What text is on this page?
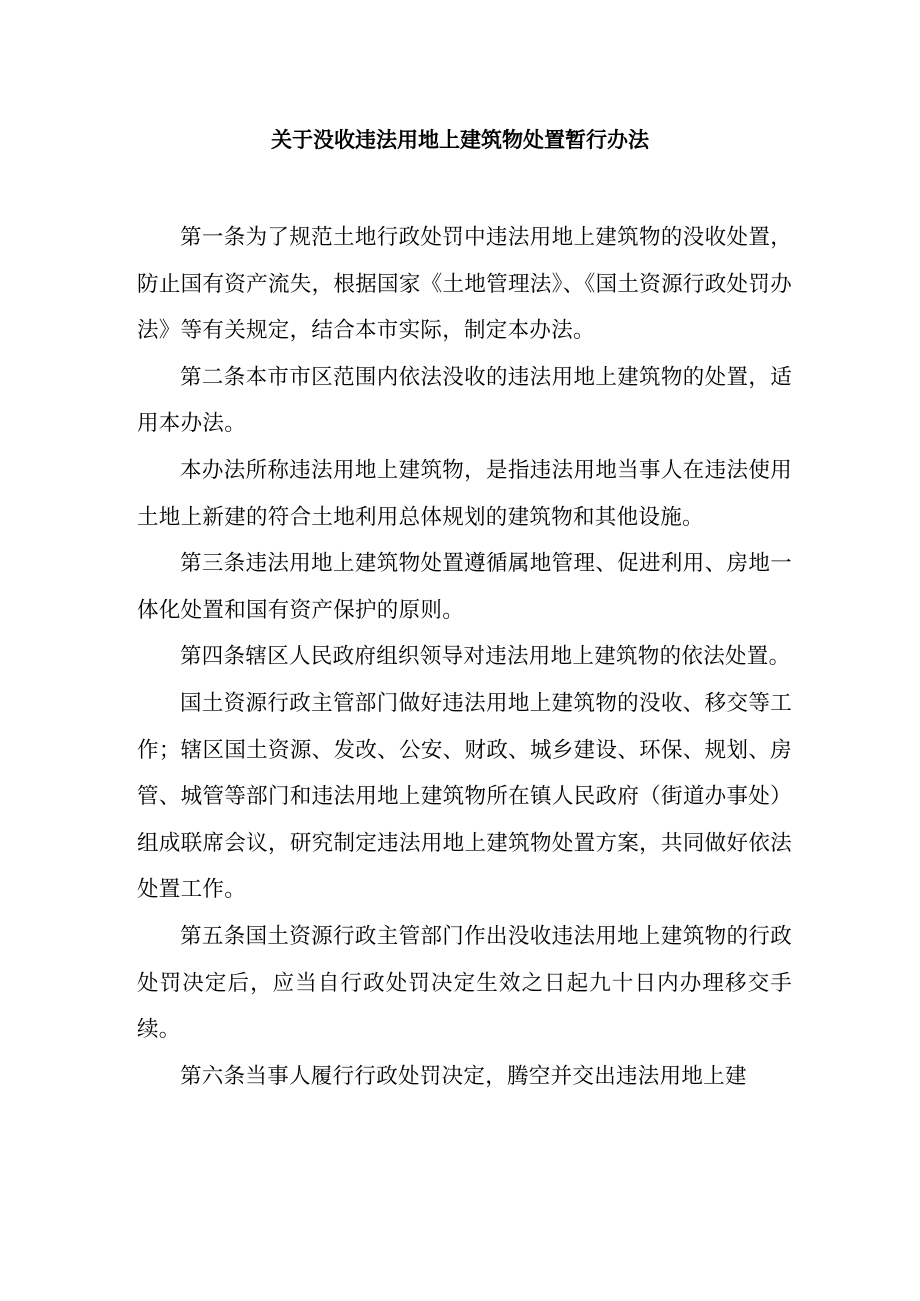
关于没收违法用地上建筑物处置暂行办法

第一条为了规范土地行政处罚中违法用地上建筑物的没收处置，防止国有资产流失，根据国家《土地管理法》、《国土资源行政处罚办法》等有关规定，结合本市实际，制定本办法。

第二条本市市区范围内依法没收的违法用地上建筑物的处置，适用本办法。

本办法所称违法用地上建筑物，是指违法用地当事人在违法使用土地上新建的符合土地利用总体规划的建筑物和其他设施。

第三条违法用地上建筑物处置遵循属地管理、促进利用、房地一体化处置和国有资产保护的原则。

第四条辖区人民政府组织领导对违法用地上建筑物的依法处置。

国土资源行政主管部门做好违法用地上建筑物的没收、移交等工作；辖区国土资源、发改、公安、财政、城乡建设、环保、规划、房管、城管等部门和违法用地上建筑物所在镇人民政府（街道办事处）组成联席会议，研究制定违法用地上建筑物处置方案，共同做好依法处置工作。

第五条国土资源行政主管部门作出没收违法用地上建筑物的行政处罚决定后，应当自行政处罚决定生效之日起九十日内办理移交手续。

第六条当事人履行行政处罚决定，腾空并交出违法用地上建
